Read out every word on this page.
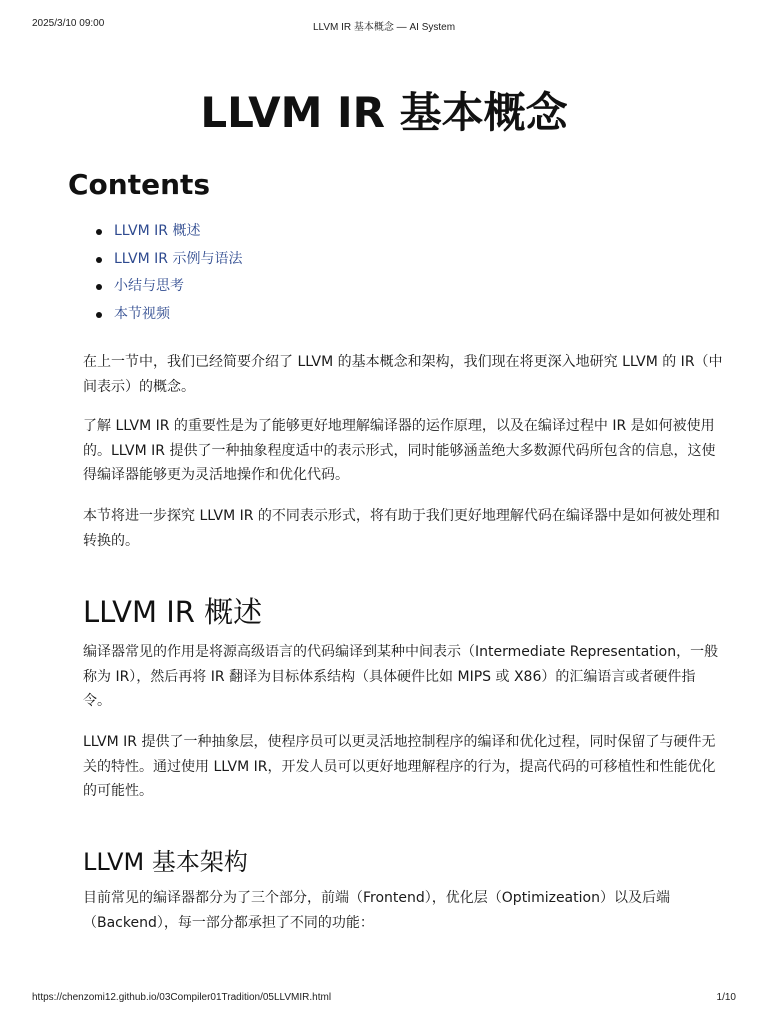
2025/3/10 09:00	LLVM IR 基本概念 — AI System
LLVM IR 基本概念
Contents
LLVM IR 概述
LLVM IR 示例与语法
小结与思考
本节视频

在上一节中，我们已经简要介绍了 LLVM 的基本概念和架构，我们现在将更深入地研究 LLVM 的 IR（中间表示）的概念。

了解 LLVM IR 的重要性是为了能够更好地理解编译器的运作原理，以及在编译过程中 IR 是如何被使用的。LLVM IR 提供了一种抽象程度适中的表示形式，同时能够涵盖绝大多数源代码所包含的信息，这使得编译器能够更为灵活地操作和优化代码。

本节将进一步探究 LLVM IR 的不同表示形式，将有助于我们更好地理解代码在编译器中是如何被处理和转换的。

LLVM IR 概述

编译器常见的作用是将源高级语言的代码编译到某种中间表示（Intermediate Representation，一般称为 IR），然后再将 IR 翻译为目标体系结构（具体硬件比如 MIPS 或 X86）的汇编语言或者硬件指令。

LLVM IR 提供了一种抽象层，使程序员可以更灵活地控制程序的编译和优化过程，同时保留了与硬件无关的特性。通过使用 LLVM IR，开发人员可以更好地理解程序的行为，提高代码的可移植性和性能优化的可能性。

LLVM 基本架构

目前常见的编译器都分为了三个部分，前端（Frontend），优化层（Optimizeation）以及后端（Backend），每一部分都承担了不同的功能：

https://chenzomi12.github.io/03Compiler01Tradition/05LLVMIR.html	1/10
